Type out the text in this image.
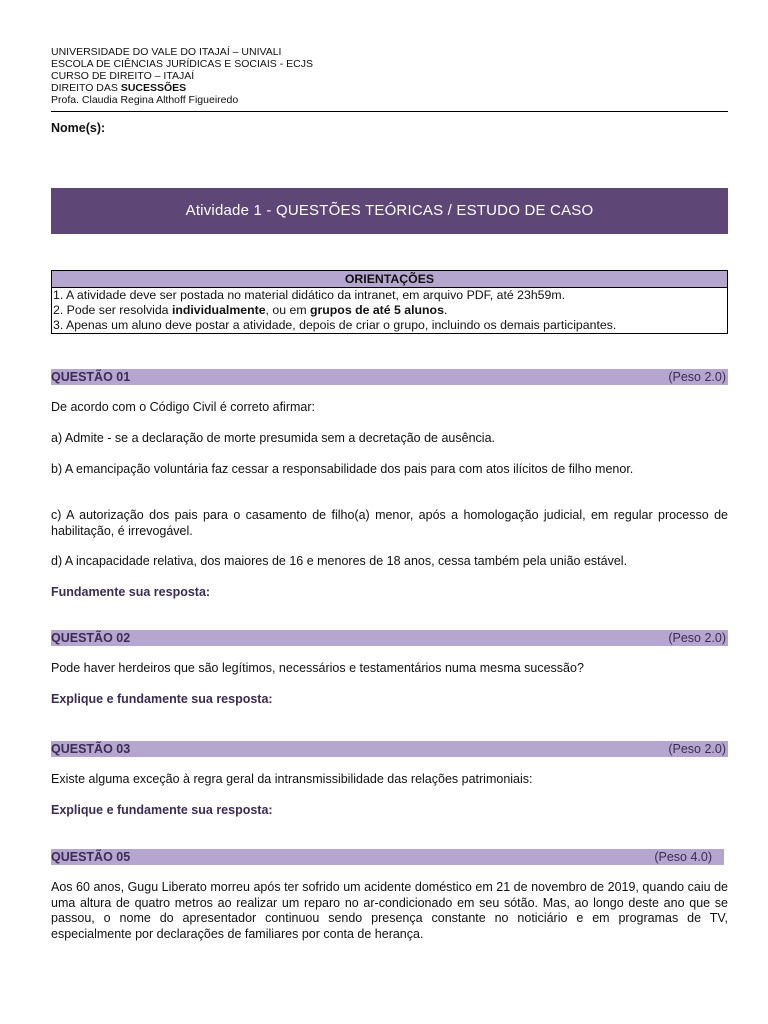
UNIVERSIDADE DO VALE DO ITAJAÍ – UNIVALI
ESCOLA DE CIÊNCIAS JURÍDICAS E SOCIAIS - ECJS
CURSO DE DIREITO – ITAJAÍ
DIREITO DAS SUCESSÕES
Profa. Claudia Regina Althoff Figueiredo
Nome(s):
Atividade 1 - QUESTÕES TEÓRICAS / ESTUDO DE CASO
ORIENTAÇÕES
1. A atividade deve ser postada no material didático da intranet, em arquivo PDF, até 23h59m.
2. Pode ser resolvida individualmente, ou em grupos de até 5 alunos.
3. Apenas um aluno deve postar a atividade, depois de criar o grupo, incluindo os demais participantes.
QUESTÃO 01	(Peso 2.0)
De acordo com o Código Civil é correto afirmar:
a) Admite - se a declaração de morte presumida sem a decretação de ausência.
b) A emancipação voluntária faz cessar a responsabilidade dos pais para com atos ilícitos de filho menor.
c) A autorização dos pais para o casamento de filho(a) menor, após a homologação judicial, em regular processo de habilitação, é irrevogável.
d) A incapacidade relativa, dos maiores de 16 e menores de 18 anos, cessa também pela união estável.
Fundamente sua resposta:
QUESTÃO 02	(Peso 2.0)
Pode haver herdeiros que são legítimos, necessários e testamentários numa mesma sucessão?
Explique e fundamente sua resposta:
QUESTÃO 03	(Peso 2.0)
Existe alguma exceção à regra geral da intransmissibilidade das relações patrimoniais:
Explique e fundamente sua resposta:
QUESTÃO 05	(Peso 4.0)
Aos 60 anos, Gugu Liberato morreu após ter sofrido um acidente doméstico em 21 de novembro de 2019, quando caiu de uma altura de quatro metros ao realizar um reparo no ar-condicionado em seu sótão. Mas, ao longo deste ano que se passou, o nome do apresentador continuou sendo presença constante no noticiário e em programas de TV, especialmente por declarações de familiares por conta de herança.
